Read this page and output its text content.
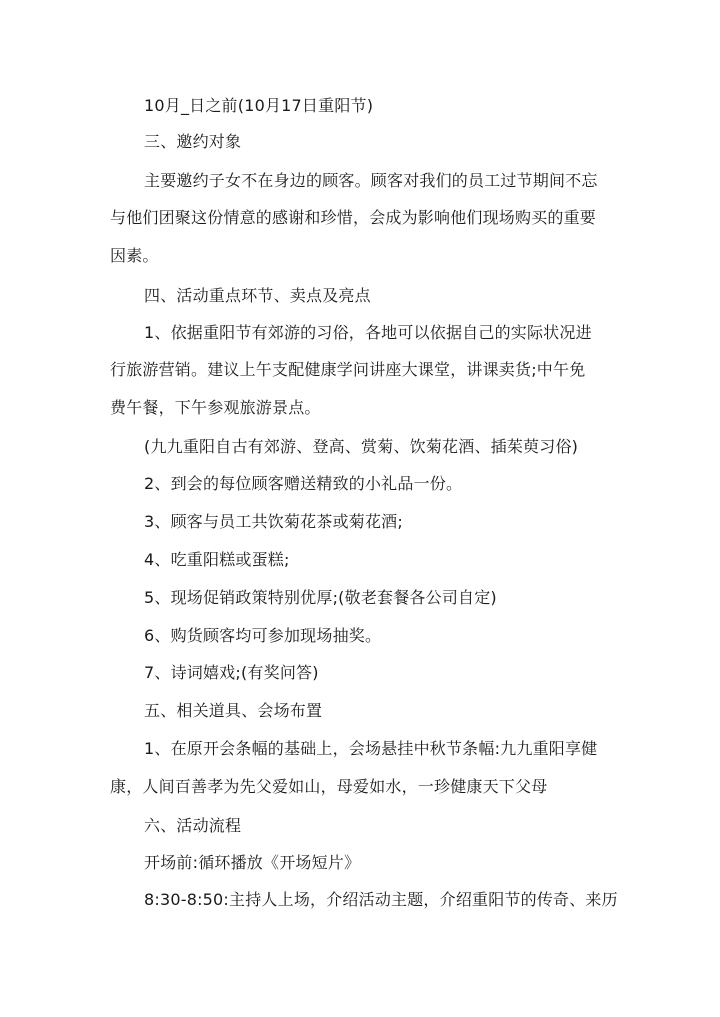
10月_日之前(10月17日重阳节)
三、邀约对象
主要邀约子女不在身边的顾客。顾客对我们的员工过节期间不忘
与他们团聚这份情意的感谢和珍惜，会成为影响他们现场购买的重要
因素。
四、活动重点环节、卖点及亮点
1、依据重阳节有郊游的习俗，各地可以依据自己的实际状况进
行旅游营销。建议上午支配健康学问讲座大课堂，讲课卖货;中午免
费午餐，下午参观旅游景点。
(九九重阳自古有郊游、登高、赏菊、饮菊花酒、插茱萸习俗)
2、到会的每位顾客赠送精致的小礼品一份。
3、顾客与员工共饮菊花茶或菊花酒;
4、吃重阳糕或蛋糕;
5、现场促销政策特别优厚;(敬老套餐各公司自定)
6、购货顾客均可参加现场抽奖。
7、诗词嬉戏;(有奖问答)
五、相关道具、会场布置
1、在原开会条幅的基础上，会场悬挂中秋节条幅:九九重阳享健
康，人间百善孝为先父爱如山，母爱如水，一珍健康天下父母
六、活动流程
开场前:循环播放《开场短片》
8:30-8:50:主持人上场，介绍活动主题，介绍重阳节的传奇、来历
